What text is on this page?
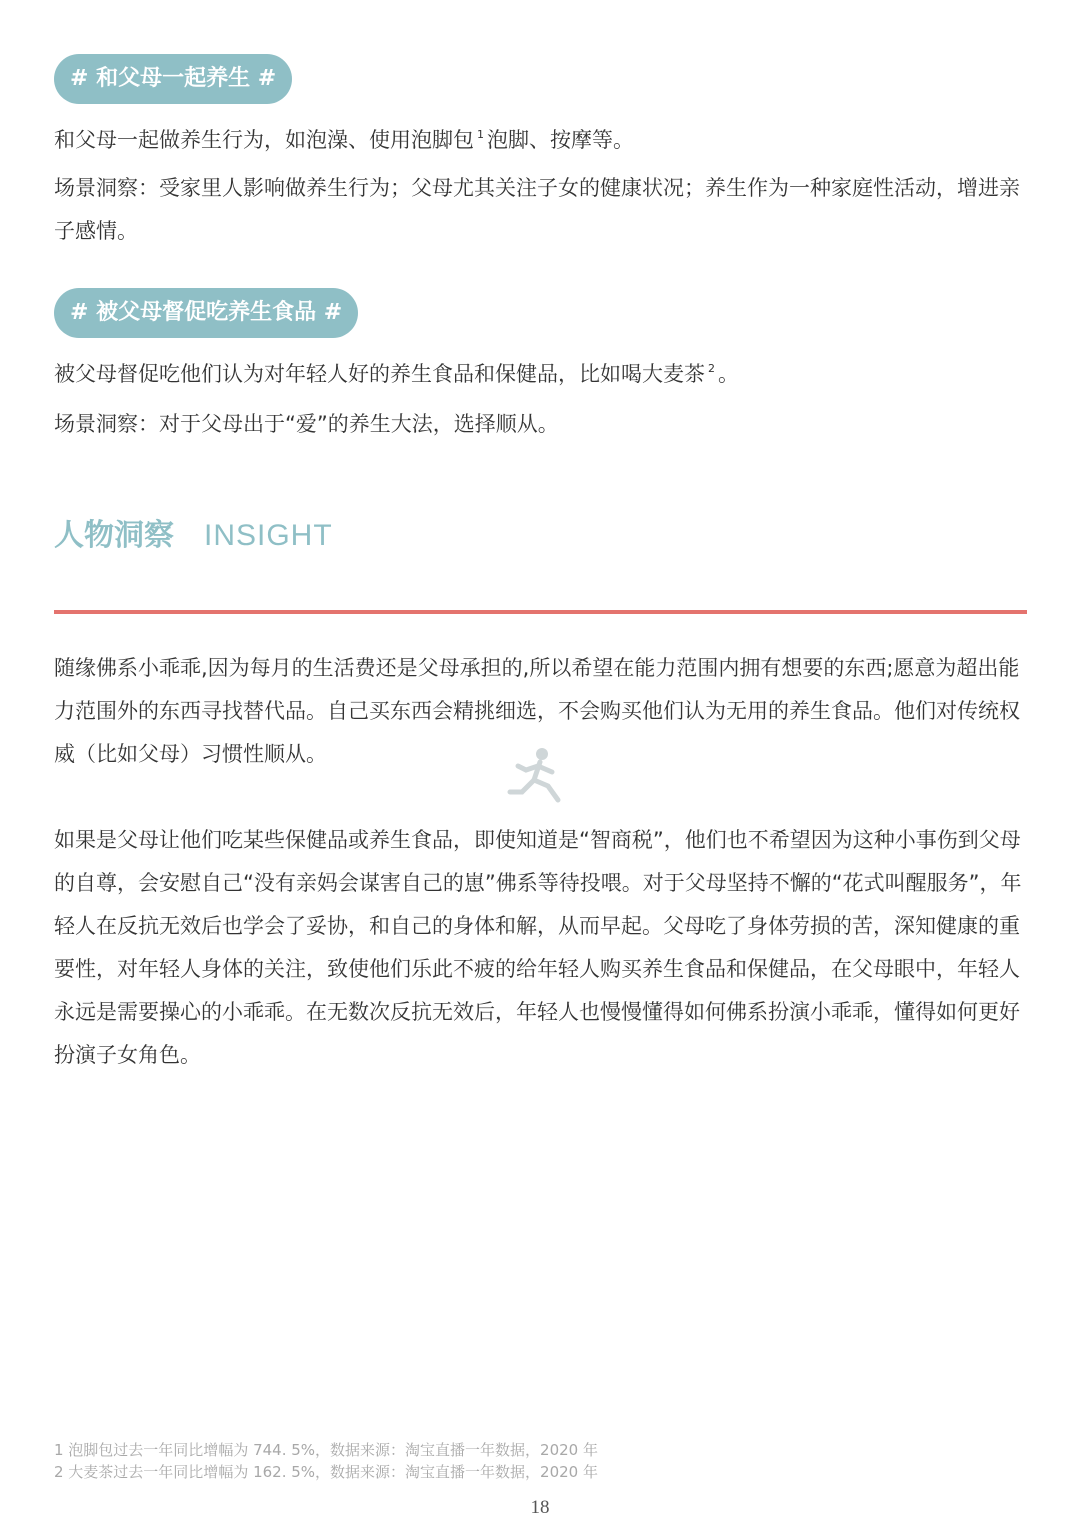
# 和父母一起养生 #

和父母一起做养生行为，如泡澡、使用泡脚包 $^1$ 泡脚、按摩等。

场景洞察：受家里人影响做养生行为；父母尤其关注子女的健康状况；养生作为一种家庭性活动，增进亲子感情。

# 被父母督促吃养生食品 #

被父母督促吃他们认为对年轻人好的养生食品和保健品，比如喝大麦茶 $^2$ 。

场景洞察：对于父母出于“爱”的养生大法，选择顺从。

人物洞察 INSIGHT

随缘佛系小乖乖,因为每月的生活费还是父母承担的,所以希望在能力范围内拥有想要的东西;愿意为超出能力范围外的东西寻找替代品。自己买东西会精挑细选，不会购买他们认为无用的养生食品。他们对传统权威（比如父母）习惯性顺从。

如果是父母让他们吃某些保健品或养生食品，即使知道是“智商税”，他们也不希望因为这种小事伤到父母的自尊，会安慰自己“没有亲妈会谋害自己的崽”佛系等待投喂。对于父母坚持不懈的“花式叫醒服务”，年轻人在反抗无效后也学会了妥协，和自己的身体和解，从而早起。父母吃了身体劳损的苦，深知健康的重要性，对年轻人身体的关注，致使他们乐此不疲的给年轻人购买养生食品和保健品，在父母眼中，年轻人永远是需要操心的小乖乖。在无数次反抗无效后，年轻人也慢慢懂得如何佛系扮演小乖乖，懂得如何更好扮演子女角色。

1 泡脚包过去一年同比增幅为 744. 5%，数据来源：淘宝直播一年数据，2020 年
2 大麦茶过去一年同比增幅为 162. 5%，数据来源：淘宝直播一年数据，2020 年
18
